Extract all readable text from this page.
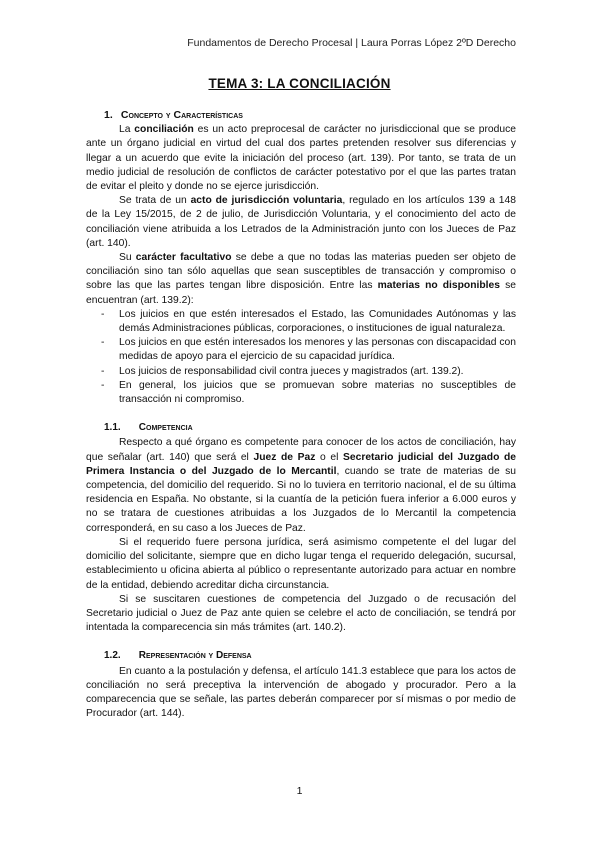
Fundamentos de Derecho Procesal | Laura Porras López 2ºD Derecho
TEMA 3: LA CONCILIACIÓN
1. Concepto y Características

La conciliación es un acto preprocesal de carácter no jurisdiccional que se produce ante un órgano judicial en virtud del cual dos partes pretenden resolver sus diferencias y llegar a un acuerdo que evite la iniciación del proceso (art. 139). Por tanto, se trata de un medio judicial de resolución de conflictos de carácter potestativo por el que las partes tratan de evitar el pleito y donde no se ejerce jurisdicción.

Se trata de un acto de jurisdicción voluntaria, regulado en los artículos 139 a 148 de la Ley 15/2015, de 2 de julio, de Jurisdicción Voluntaria, y el conocimiento del acto de conciliación viene atribuida a los Letrados de la Administración junto con los Jueces de Paz (art. 140).

Su carácter facultativo se debe a que no todas las materias pueden ser objeto de conciliación sino tan sólo aquellas que sean susceptibles de transacción y compromiso o sobre las que las partes tengan libre disposición. Entre las materias no disponibles se encuentran (art. 139.2):

- Los juicios en que estén interesados el Estado, las Comunidades Autónomas y las demás Administraciones públicas, corporaciones, o instituciones de igual naturaleza.
- Los juicios en que estén interesados los menores y las personas con discapacidad con medidas de apoyo para el ejercicio de su capacidad jurídica.
- Los juicios de responsabilidad civil contra jueces y magistrados (art. 139.2).
- En general, los juicios que se promuevan sobre materias no susceptibles de transacción ni compromiso.
1.1. Competencia

Respecto a qué órgano es competente para conocer de los actos de conciliación, hay que señalar (art. 140) que será el Juez de Paz o el Secretario judicial del Juzgado de Primera Instancia o del Juzgado de lo Mercantil, cuando se trate de materias de su competencia, del domicilio del requerido. Si no lo tuviera en territorio nacional, el de su última residencia en España. No obstante, si la cuantía de la petición fuera inferior a 6.000 euros y no se tratara de cuestiones atribuidas a los Juzgados de lo Mercantil la competencia corresponderá, en su caso a los Jueces de Paz.

Si el requerido fuere persona jurídica, será asimismo competente el del lugar del domicilio del solicitante, siempre que en dicho lugar tenga el requerido delegación, sucursal, establecimiento u oficina abierta al público o representante autorizado para actuar en nombre de la entidad, debiendo acreditar dicha circunstancia.

Si se suscitaren cuestiones de competencia del Juzgado o de recusación del Secretario judicial o Juez de Paz ante quien se celebre el acto de conciliación, se tendrá por intentada la comparecencia sin más trámites (art. 140.2).

1.2. Representación y Defensa

En cuanto a la postulación y defensa, el artículo 141.3 establece que para los actos de conciliación no será preceptiva la intervención de abogado y procurador. Pero a la comparecencia que se señale, las partes deberán comparecer por sí mismas o por medio de Procurador (art. 144).

1
